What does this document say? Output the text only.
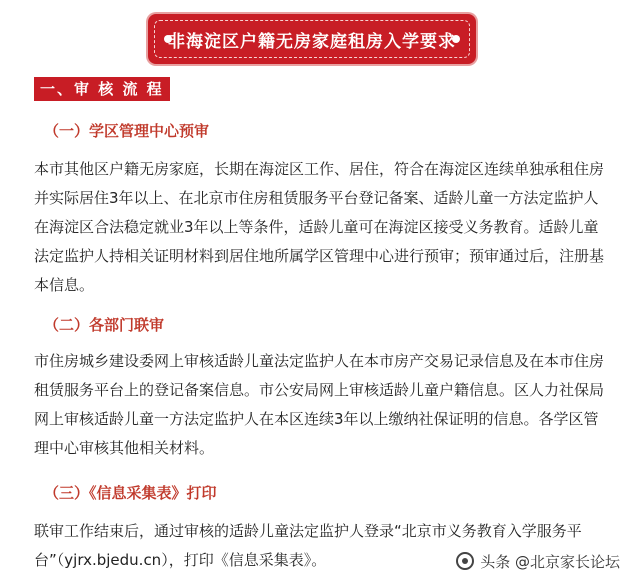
非海淀区户籍无房家庭租房入学要求
一、审 核 流 程
（一）学区管理中心预审
本市其他区户籍无房家庭，长期在海淀区工作、居住，符合在海淀区连续单独承租住房并实际居住3年以上、在北京市住房租赁服务平台登记备案、适龄儿童一方法定监护人在海淀区合法稳定就业3年以上等条件，适龄儿童可在海淀区接受义务教育。适龄儿童法定监护人持相关证明材料到居住地所属学区管理中心进行预审；预审通过后，注册基本信息。
（二）各部门联审
市住房城乡建设委网上审核适龄儿童法定监护人在本市房产交易记录信息及在本市住房租赁服务平台上的登记备案信息。市公安局网上审核适龄儿童户籍信息。区人力社保局网上审核适龄儿童一方法定监护人在本区连续3年以上缴纳社保证明的信息。各学区管理中心审核其他相关材料。
（三）《信息采集表》打印
联审工作结束后，通过审核的适龄儿童法定监护人登录“北京市义务教育入学服务平台”（yjrx.bjedu.cn），打印《信息采集表》。	头条 @北京家长论坛
